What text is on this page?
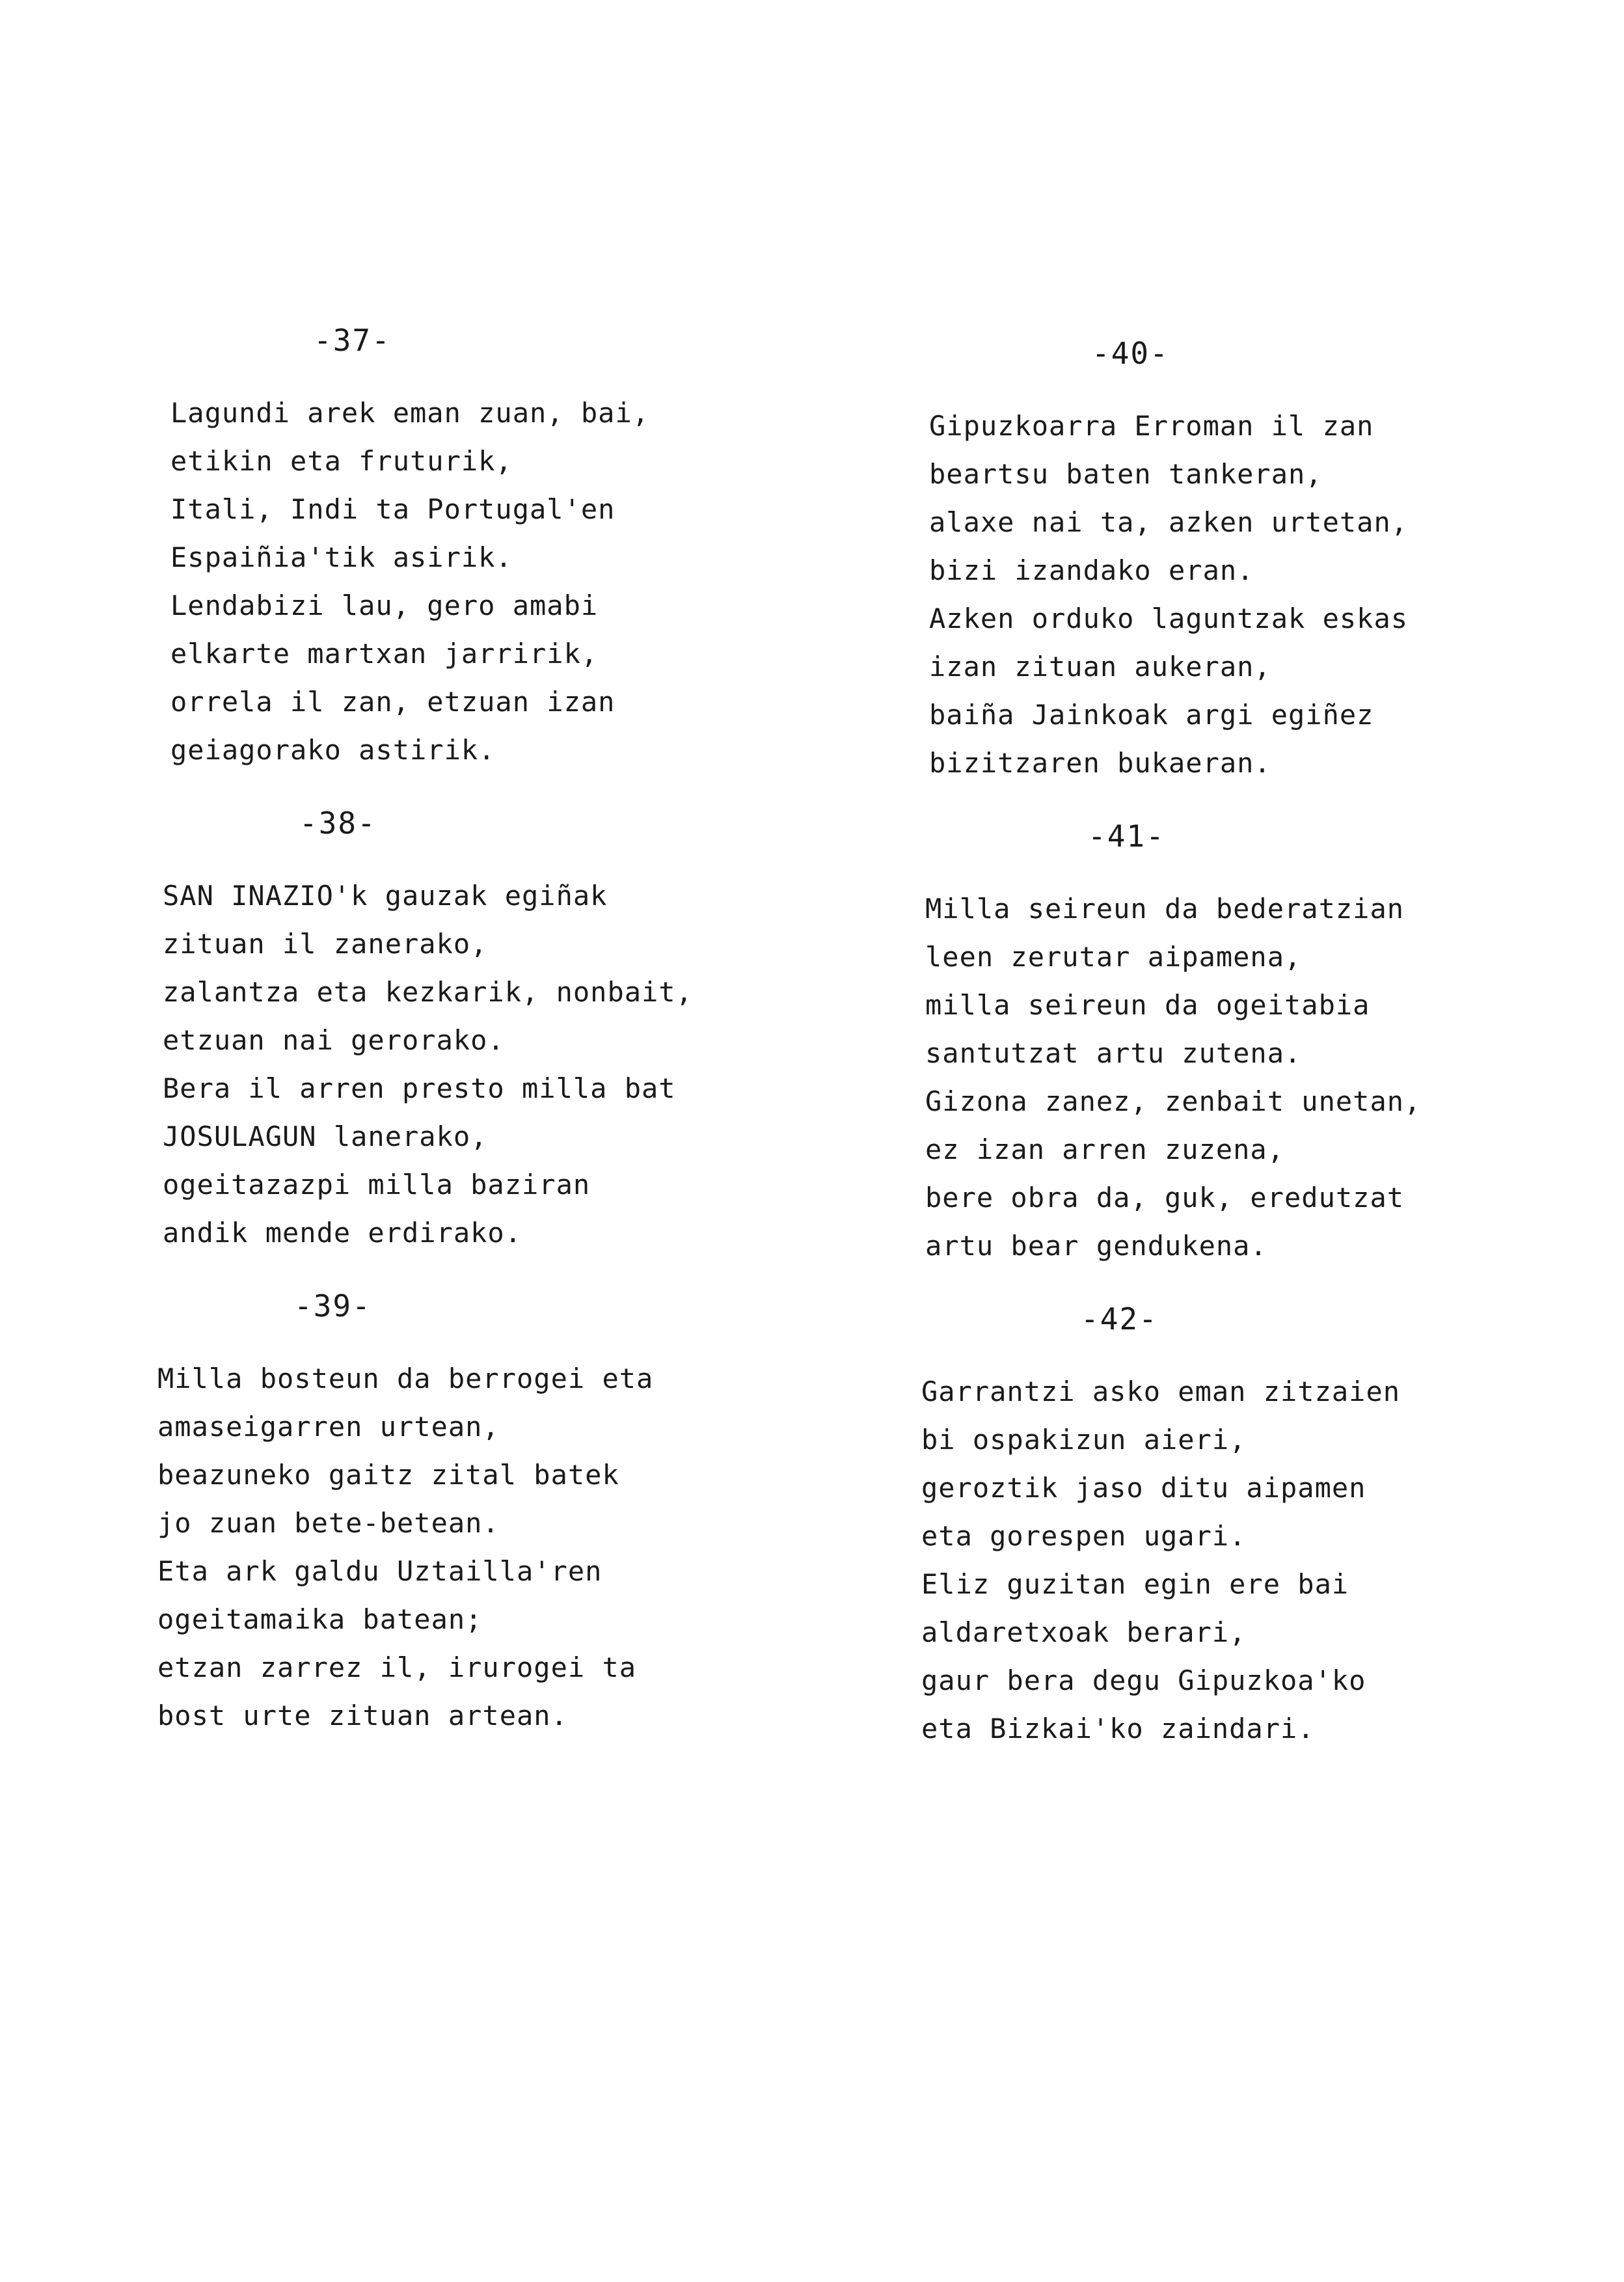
-37-
Lagundi arek eman zuan, bai,
etikin eta fruturik,
Itali, Indi ta Portugal'en
Espaiñia'tik asirik.
Lendabizi lau, gero amabi
elkarte martxan jarririk,
orrela il zan, etzuan izan
geiagorako astirik.
-38-
SAN INAZIO'k gauzak egiñak
zituan il zanerako,
zalantza eta kezkarik, nonbait,
etzuan nai gerorako.
Bera il arren presto milla bat
JOSULAGUN lanerako,
ogeitazazpi milla baziran
andik mende erdirako.
-39-
Milla bosteun da berrogei eta
amaseigarren urtean,
beazuneko gaitz zital batek
jo zuan bete-betean.
Eta ark galdu Uztailla'ren
ogeitamaika batean;
etzan zarrez il, irurogei ta
bost urte zituan artean.
-40-
Gipuzkoarra Erroman il zan
beartsu baten tankeran,
alaxe nai ta, azken urtetan,
bizi izandako eran.
Azken orduko laguntzak eskas
izan zituan aukeran,
baiña Jainkoak argi egiñez
bizitzaren bukaeran.
-41-
Milla seireun da bederatzian
leen zerutar aipamena,
milla seireun da ogeitabia
santutzat artu zutena.
Gizona zanez, zenbait unetan,
ez izan arren zuzena,
bere obra da, guk, eredutzat
artu bear gendukena.
-42-
Garrantzi asko eman zitzaien
bi ospakizun aieri,
geroztik jaso ditu aipamen
eta gorespen ugari.
Eliz guzitan egin ere bai
aldaretxoak berari,
gaur bera degu Gipuzkoa'ko
eta Bizkai'ko zaindari.
